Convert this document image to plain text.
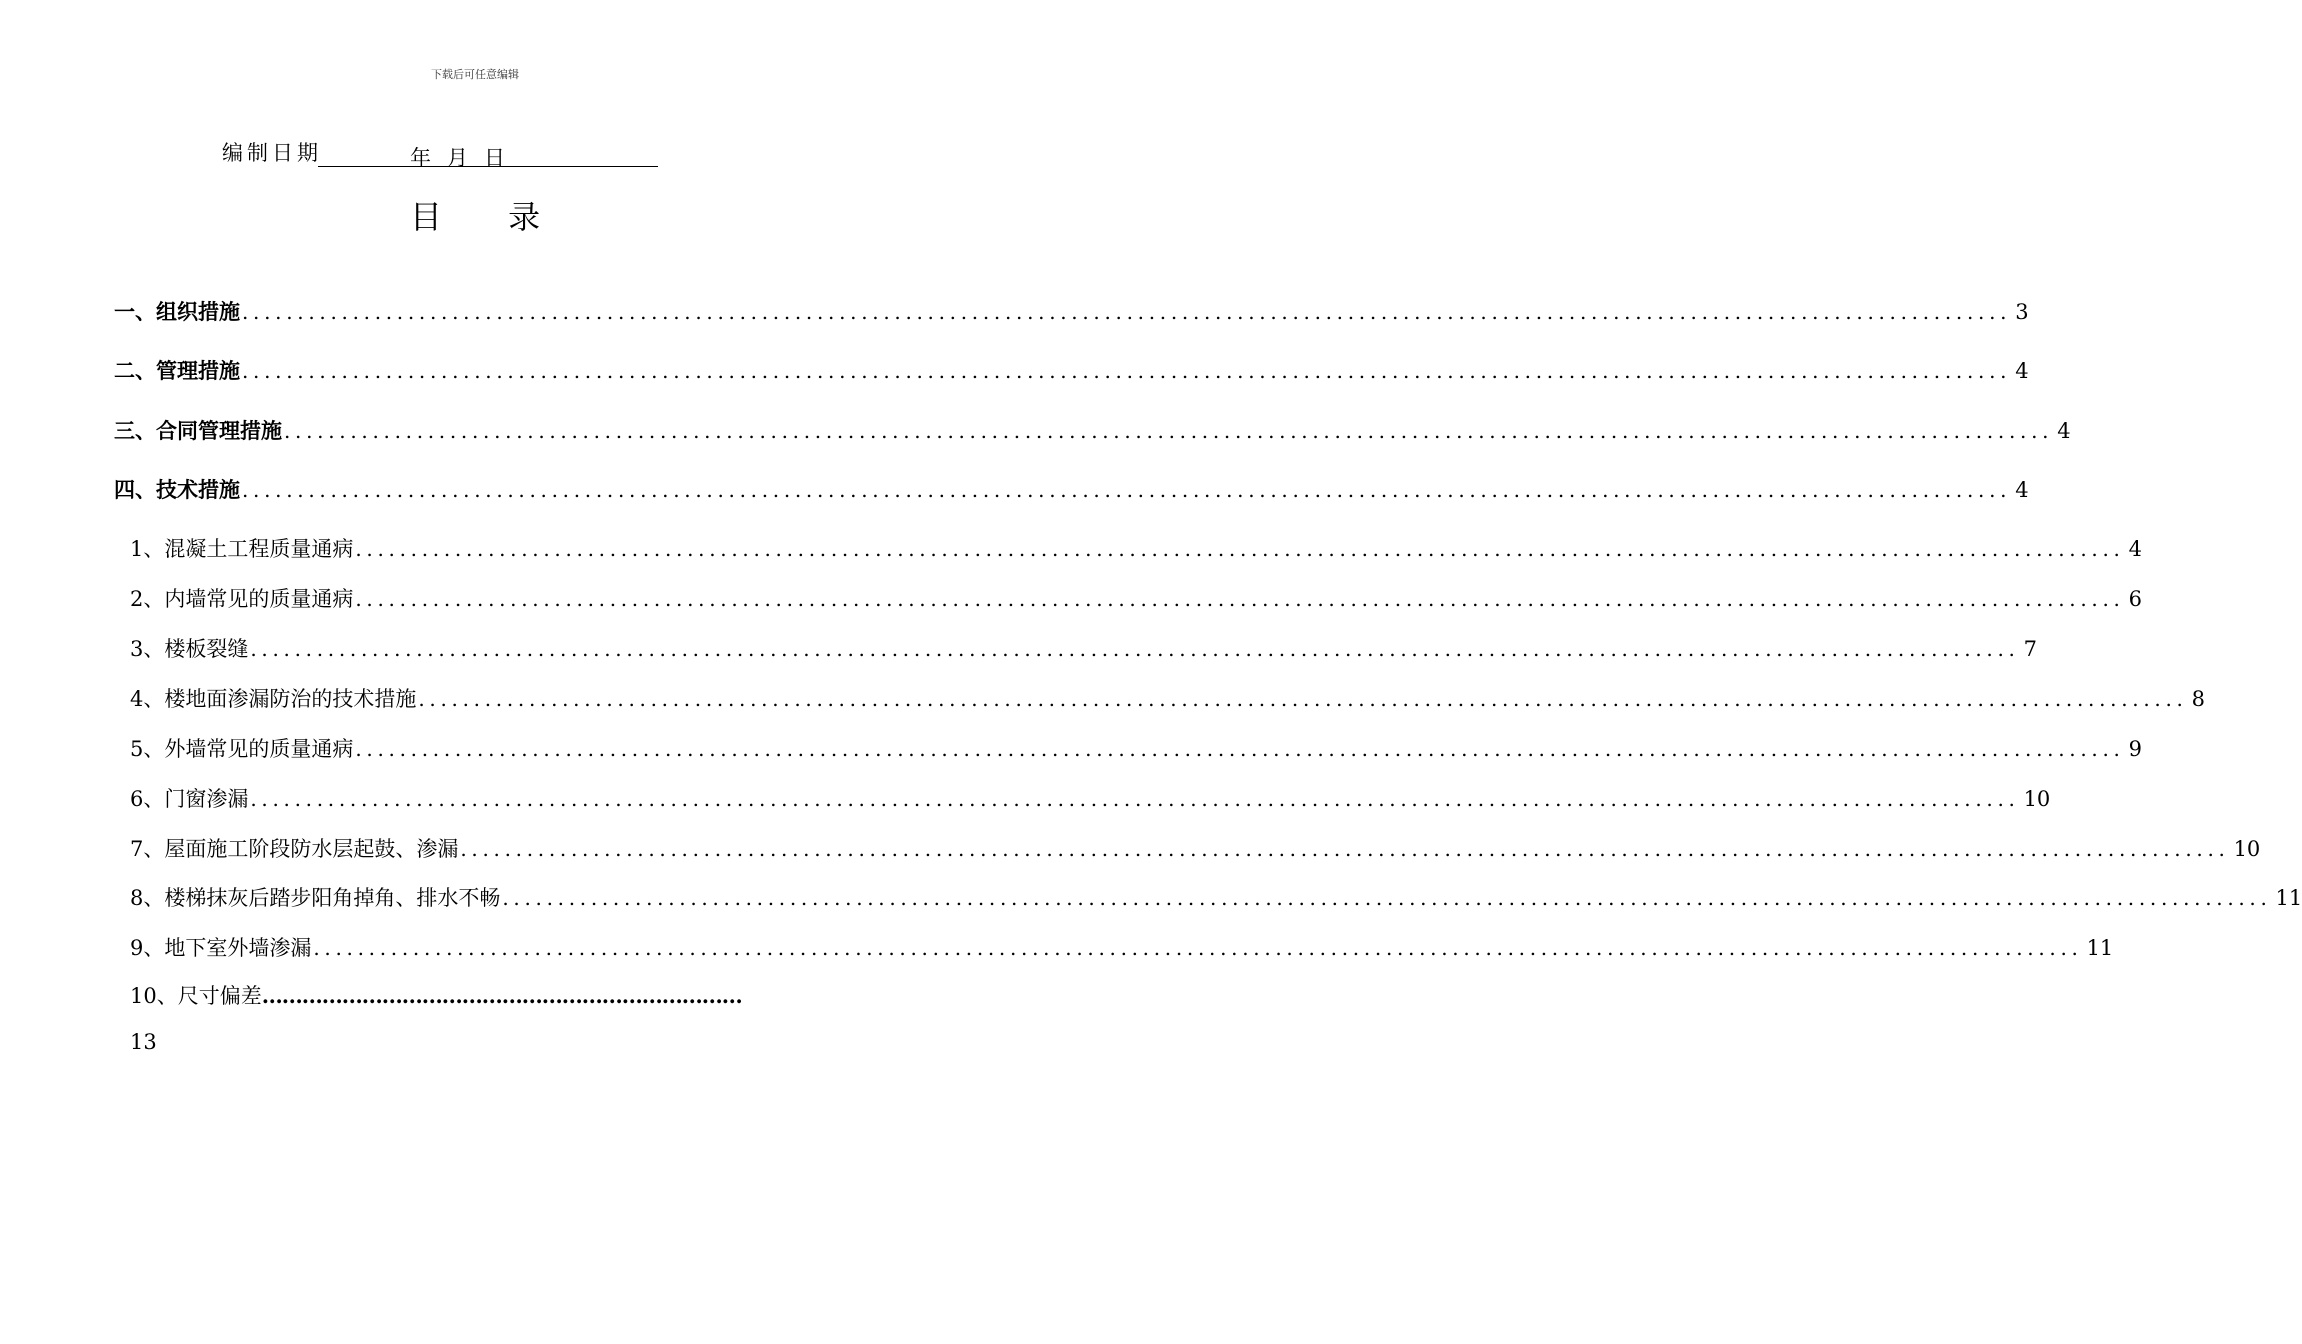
下载后可任意编辑
编制日期	年 月 日
目 录
一、组织措施 ................................................................................................................................................................ 3
二、管理措施 ................................................................................................................................................................ 4
三、合同管理措施 ................................................................................................................................................................ 4
四、技术措施 ................................................................................................................................................................ 4
1、混凝土工程质量通病 ................................................................................................................................................................ 4
2、内墙常见的质量通病 ................................................................................................................................................................ 6
3、楼板裂缝 ................................................................................................................................................................ 7
4、楼地面渗漏防治的技术措施 ................................................................................................................................................................ 8
5、外墙常见的质量通病 ................................................................................................................................................................ 9
6、门窗渗漏 ................................................................................................................................................................ 10
7、屋面施工阶段防水层起鼓、渗漏 ................................................................................................................................................................ 10
8、楼梯抹灰后踏步阳角掉角、排水不畅 ................................................................................................................................................................ 11
9、地下室外墙渗漏 ................................................................................................................................................................ 11
10、尺寸偏差………………………………………………………………
13
